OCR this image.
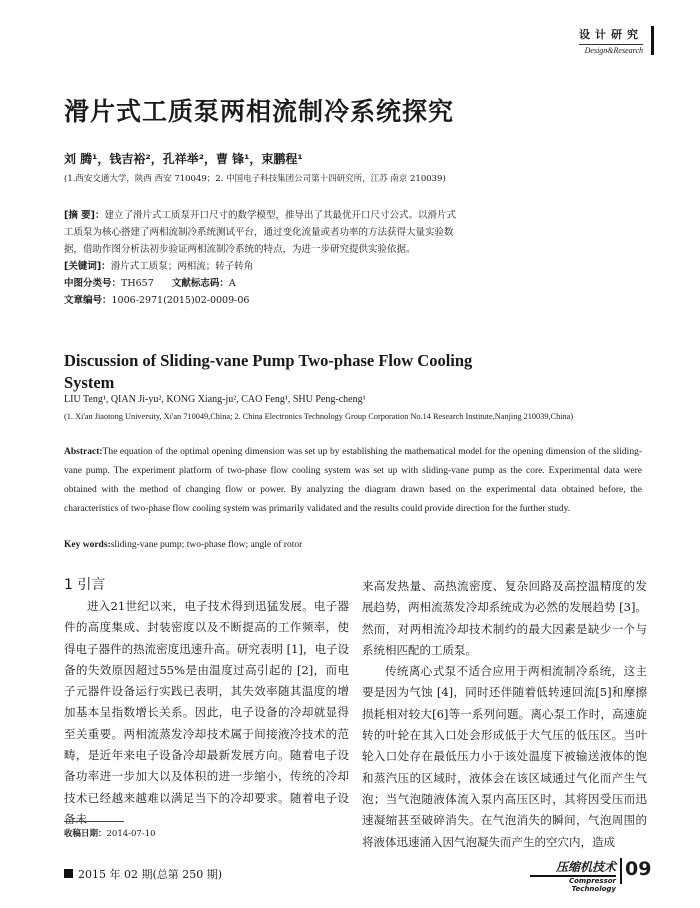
设计研究
Design&Research
滑片式工质泵两相流制冷系统探究
刘 腾¹，钱吉裕²，孔祥举²，曹 锋¹，束鹏程¹
(1.西安交通大学，陕西 西安 710049；2. 中国电子科技集团公司第十四研究所，江苏 南京 210039)
[摘 要]：建立了滑片式工质泵开口尺寸的数学模型，推导出了其最优开口尺寸公式。以滑片式工质泵为核心搭建了两相流制冷系统测试平台，通过变化流量或者功率的方法获得大量实验数据，借助作图分析法初步验证两相流制冷系统的特点，为进一步研究提供实验依据。
[关键词]：滑片式工质泵；两相流；转子转角
中图分类号：TH657 文献标志码：A
文章编号：1006-2971(2015)02-0009-06
Discussion of Sliding-vane Pump Two-phase Flow Cooling System
LIU Teng¹, QIAN Ji-yu², KONG Xiang-ju², CAO Feng¹, SHU Peng-cheng¹
(1. Xi'an Jiaotong University, Xi'an 710049,China; 2. China Electronics Technology Group Corporation No.14 Research Institute,Nanjing 210039,China)
Abstract:The equation of the optimal opening dimension was set up by establishing the mathematical model for the opening dimension of the sliding-vane pump. The experiment platform of two-phase flow cooling system was set up with sliding-vane pump as the core. Experimental data were obtained with the method of changing flow or power. By analyzing the diagram drawn based on the experimental data obtained before, the characteristics of two-phase flow cooling system was primarily validated and the results could provide direction for the further study.
Key words:sliding-vane pump; two-phase flow; angle of rotor
1 引言

进入21世纪以来，电子技术得到迅猛发展。电子器件的高度集成、封装密度以及不断提高的工作频率，使得电子器件的热流密度迅速升高。研究表明 [1]，电子设备的失效原因超过55%是由温度过高引起的 [2]，而电子元器件设备运行实践已表明，其失效率随其温度的增加基本呈指数增长关系。因此，电子设备的冷却就显得至关重要。两相流蒸发冷却技术属于间接液冷技术的范畴，是近年来电子设备冷却最新发展方向。随着电子设备功率进一步加大以及体积的进一步缩小，传统的冷却技术已经越来越难以满足当下的冷却要求。随着电子设备未

来高发热量、高热流密度、复杂回路及高控温精度的发展趋势，两相流蒸发冷却系统成为必然的发展趋势 [3]。然而，对两相流冷却技术制约的最大因素是缺少一个与系统相匹配的工质泵。

传统离心式泵不适合应用于两相流制冷系统，这主要是因为气蚀 [4]，同时还伴随着低转速回流[5]和摩擦损耗相对较大[6]等一系列问题。离心泵工作时，高速旋转的叶轮在其入口处会形成低于大气压的低压区。当叶轮入口处存在最低压力小于该处温度下被输送液体的饱和蒸汽压的区域时，液体会在该区域通过气化而产生气泡；当气泡随液体流入泵内高压区时，其将因受压而迅速凝缩甚至破碎消失。在气泡消失的瞬间，气泡周围的将液体迅速涌入因气泡凝失而产生的空穴内，造成

收稿日期：2014-07-10
2015 年 02 期(总第 250 期)
压缩机技术
Compressor Technology
09
